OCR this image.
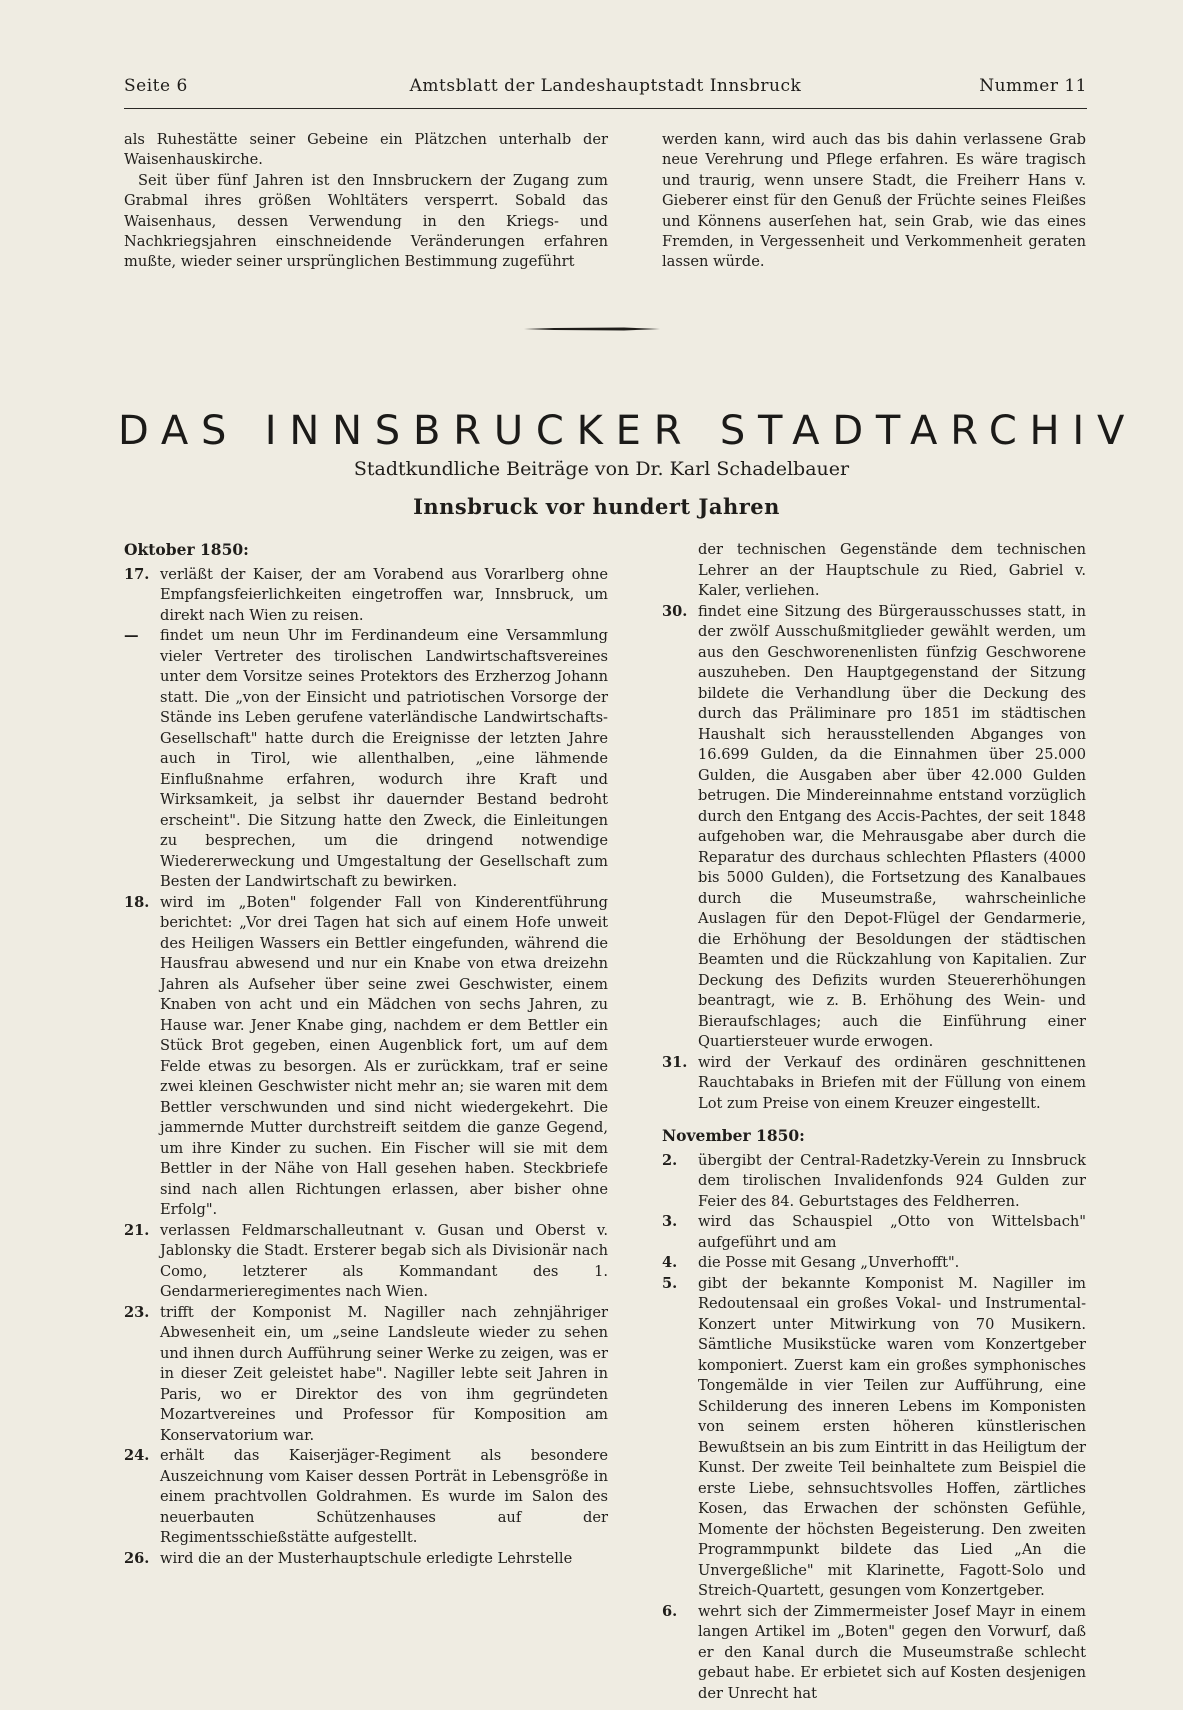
Seite 6	Amtsblatt der Landeshauptstadt Innsbruck	Nummer 11

als Ruhestätte seiner Gebeine ein Plätzchen unterhalb der Waisenhauskirche.

Seit über fünf Jahren ist den Innsbruckern der Zugang zum Grabmal ihres größen Wohltäters versperrt. Sobald das Waisenhaus, dessen Verwendung in den Kriegs- und Nachkriegsjahren einschneidende Veränderungen erfahren mußte, wieder seiner ursprünglichen Bestimmung zugeführt

werden kann, wird auch das bis dahin verlassene Grab neue Verehrung und Pflege erfahren. Es wäre tragisch und traurig, wenn unsere Stadt, die Freiherr Hans v. Gieberer einst für den Genuß der Früchte seines Fleißes und Könnens auserſehen hat, sein Grab, wie das eines Fremden, in Vergessenheit und Verkommenheit geraten lassen würde.

DAS INNSBRUCKER STADTARCHIV
Stadtkundliche Beiträge von Dr. Karl Schadelbauer
Innsbruck vor hundert Jahren
Oktober 1850:
17. verläßt der Kaiser, der am Vorabend aus Vorarlberg ohne Empfangsfeierlichkeiten eingetroffen war, Innsbruck, um direkt nach Wien zu reisen.

— findet um neun Uhr im Ferdinandeum eine Versammlung vieler Vertreter des tirolischen Landwirtschaftsvereines unter dem Vorsitze seines Protektors des Erzherzog Johann statt. Die „von der Einsicht und patriotischen Vorsorge der Stände ins Leben gerufene vaterländische Landwirtschafts-Gesellschaft" hatte durch die Ereignisse der letzten Jahre auch in Tirol, wie allenthalben, „eine lähmende Einflußnahme erfahren, wodurch ihre Kraft und Wirksamkeit, ja selbst ihr dauernder Bestand bedroht erscheint". Die Sitzung hatte den Zweck, die Einleitungen zu besprechen, um die dringend notwendige Wiedererweckung und Umgestaltung der Gesellschaft zum Besten der Landwirtschaft zu bewirken.

18. wird im „Boten" folgender Fall von Kinderentführung berichtet: „Vor drei Tagen hat sich auf einem Hofe unweit des Heiligen Wassers ein Bettler eingefunden, während die Hausfrau abwesend und nur ein Knabe von etwa dreizehn Jahren als Aufseher über seine zwei Geschwister, einem Knaben von acht und ein Mädchen von sechs Jahren, zu Hause war. Jener Knabe ging, nachdem er dem Bettler ein Stück Brot gegeben, einen Augenblick fort, um auf dem Felde etwas zu besorgen. Als er zurückkam, traf er seine zwei kleinen Geschwister nicht mehr an; sie waren mit dem Bettler verschwunden und sind nicht wiedergekehrt. Die jammernde Mutter durchstreift seitdem die ganze Gegend, um ihre Kinder zu suchen. Ein Fischer will sie mit dem Bettler in der Nähe von Hall gesehen haben. Steckbriefe sind nach allen Richtungen erlassen, aber bisher ohne Erfolg".

21. verlassen Feldmarschalleutnant v. Gusan und Oberst v. Jablonsky die Stadt. Ersterer begab sich als Divisionär nach Como, letzterer als Kommandant des 1. Gendarmerieregimentes nach Wien.

23. trifft der Komponist M. Nagiller nach zehnjähriger Abwesenheit ein, um „seine Landsleute wieder zu sehen und ihnen durch Aufführung seiner Werke zu zeigen, was er in dieser Zeit geleistet habe". Nagiller lebte seit Jahren in Paris, wo er Direktor des von ihm gegründeten Mozartvereines und Professor für Komposition am Konservatorium war.

24. erhält das Kaiserjäger-Regiment als besondere Auszeichnung vom Kaiser dessen Porträt in Lebensgröße in einem prachtvollen Goldrahmen. Es wurde im Salon des neuerbauten Schützenhauses auf der Regimentsschießstätte aufgestellt.

26. wird die an der Musterhauptschule erledigte Lehrstelle

der technischen Gegenstände dem technischen Lehrer an der Hauptschule zu Ried, Gabriel v. Kaler, verliehen.

30. findet eine Sitzung des Bürgerausschusses statt, in der zwölf Ausschußmitglieder gewählt werden, um aus den Geschworenenlisten fünfzig Geschworene auszuheben. Den Hauptgegenstand der Sitzung bildete die Verhandlung über die Deckung des durch das Präliminare pro 1851 im städtischen Haushalt sich herausstellenden Abganges von 16.699 Gulden, da die Einnahmen über 25.000 Gulden, die Ausgaben aber über 42.000 Gulden betrugen. Die Mindereinnahme entstand vorzüglich durch den Entgang des Accis-Pachtes, der seit 1848 aufgehoben war, die Mehrausgabe aber durch die Reparatur des durchaus schlechten Pflasters (4000 bis 5000 Gulden), die Fortsetzung des Kanalbaues durch die Museumstraße, wahrscheinliche Auslagen für den Depot-Flügel der Gendarmerie, die Erhöhung der Besoldungen der städtischen Beamten und die Rückzahlung von Kapitalien. Zur Deckung des Defizits wurden Steuererhöhungen beantragt, wie z. B. Erhöhung des Wein- und Bieraufschlages; auch die Einführung einer Quartiersteuer wurde erwogen.

31. wird der Verkauf des ordinären geschnittenen Rauchtabaks in Briefen mit der Füllung von einem Lot zum Preise von einem Kreuzer eingestellt.

November 1850:
2. übergibt der Central-Radetzky-Verein zu Innsbruck dem tirolischen Invalidenfonds 924 Gulden zur Feier des 84. Geburtstages des Feldherren.

3. wird das Schauspiel „Otto von Wittelsbach" aufgeführt und am

4. die Posse mit Gesang „Unverhofft".

5. gibt der bekannte Komponist M. Nagiller im Redoutensaal ein großes Vokal- und Instrumental-Konzert unter Mitwirkung von 70 Musikern. Sämtliche Musikstücke waren vom Konzertgeber komponiert. Zuerst kam ein großes symphonisches Tongemälde in vier Teilen zur Aufführung, eine Schilderung des inneren Lebens im Komponisten von seinem ersten höheren künstlerischen Bewußtsein an bis zum Eintritt in das Heiligtum der Kunst. Der zweite Teil beinhaltete zum Beispiel die erste Liebe, sehnsuchtsvolles Hoffen, zärtliches Kosen, das Erwachen der schönsten Gefühle, Momente der höchsten Begeisterung. Den zweiten Programmpunkt bildete das Lied „An die Unvergeßliche" mit Klarinette, Fagott-Solo und Streich-Quartett, gesungen vom Konzertgeber.

6. wehrt sich der Zimmermeister Josef Mayr in einem langen Artikel im „Boten" gegen den Vorwurf, daß er den Kanal durch die Museumstraße schlecht gebaut habe. Er erbietet sich auf Kosten desjenigen der Unrecht hat
